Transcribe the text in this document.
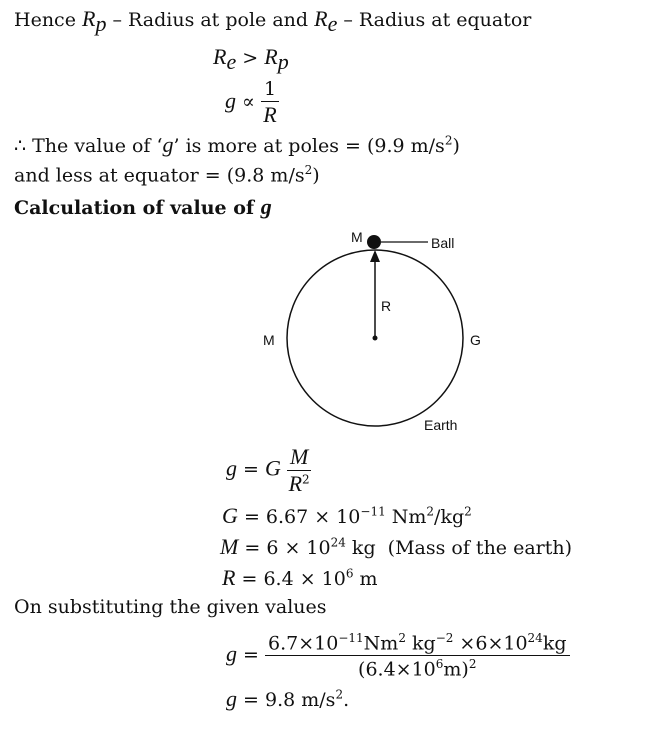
Hence $R_p$ – Radius at pole and $R_e$ – Radius at equator
$R_e > R_p$
$g \propto \frac{1}{R}$
∴ The value of ‘g’ is more at poles = (9.9 $m/s^2$)
and less at equator = (9.8 $m/s^2$)
Calculation of value of g
M	Ball
R
M	G
Earth
g = G $\frac{M}{R^2}$
$G = 6.67 \times 10^{-11}$ $Nm^2/kg^2$
$M = 6 \times 10^{24}$ kg  (Mass of the earth)
$R = 6.4 \times 10^6$ m
On substituting the given values
$g = \frac{6.7\times 10^{-11}Nm^2 kg^{-2} \times 6\times 10^{24}kg}{(6.4\times 10^6m)^2}$
g = 9.8 $m/s^2$.
